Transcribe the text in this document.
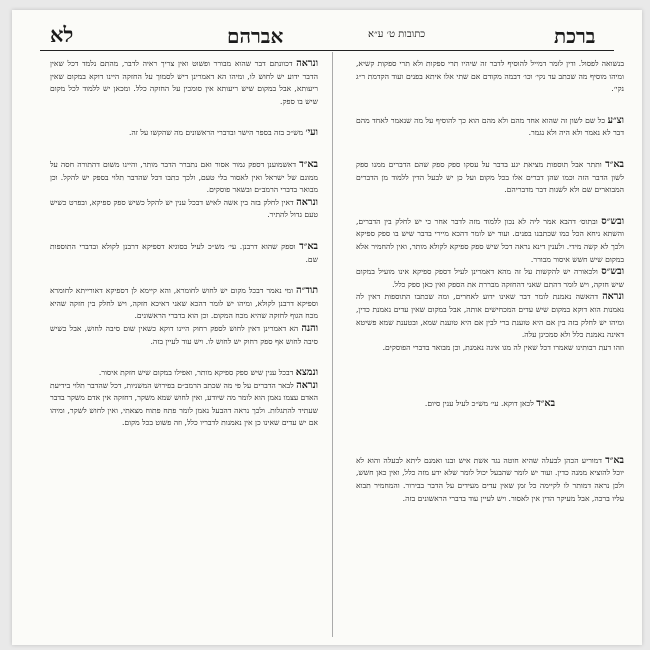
ברכת
כתובות ט׳ ע״א
אברהם
לא

בנשואה לפסול. ודין לומר דמייל להוסיף לדבר זה שיהיו תרי ספקות ולא תרי ספקות קשיא, ומיהו מוסיף מה שכתב עד נקי׳ וכו׳ דבמה מקודם אם שתי אלו איתא בפנים ועוד הקדמת ר״ג נקי׳.

וצ״ע כל שם לשון זה שהוא אחד מהם ולא מהם הוא כך להוסיף על מה שנאמר לאחד מהם דבר לא נאמר ולא היה ולא נגמר.

בא״ד ותתר אבל תוספות מציאת יגע בדבר על עסקו ספק ספק שהם הדברים ממנו ספק לשון הדבר הזה וכמו שהן דברים אלו בכל מקום ועל כן יש לבעל הדין ללמוד מן הדברים המבוארים שם ולא לשנות דבר מדבריהם.

ובש״ס ובתוס׳ דהבא אמר ליה לא נכון ללמוד מזה לדבר אחר כי יש לחלק בין הדברים, והשתא ניחא הכל כמו שכתבנו בפנים. ועוד יש לומר דהכא מיירי בדבר שיש בו ספק ספיקא ולכך לא קשה מידי. ולענין דינא נראה דכל שיש ספק ספיקא לקולא מותר, ואין להחמיר אלא במקום שיש חשש איסור מבורר.

ובש״ס ולכאורה יש להקשות על זה מהא דאמרינן לעיל דספק ספיקא אינו מועיל במקום שיש חזקה, ויש לומר דהתם שאני דהחזקה מבררת את הספק ואין כאן ספק כלל.

ונראה דהאשה נאמנת לומר דבר שאינו ידוע לאחרים, ומה שכתבו התוספות דאין לה נאמנות הוא דוקא במקום שיש עדים המכחישים אותה, אבל במקום שאין עדים נאמנת כדין, ומיהו יש לחלק בזה בין אם היא טוענת ברי לבין אם היא טוענת שמא, ובטענת שמא פשיטא דאינה נאמנת כלל ולא סמכינן עלה.

וזהו דעת רבותינו שאמרו דכל שאין לה מגו אינה נאמנת, וכן מבואר בדברי הפוסקים.

בא״ד לכאן דוקא. עי׳ מש״כ לעיל ענין סיום.

בא״ד דמוריע הכהן לבעלה שהיא חוטה נגד אשת איש ובנו ואמנם ליתא לבעלה והוא לא יוכל להוציא ממנה כדין. ועוד יש לומר שהבעל יכול לומר שלא ידע מזה כלל, ואין כאן חשש, ולכן נראה דמותר לו לקיימה כל זמן שאין עדים מעידים על הדבר בבירור. והמחמיר תבוא עליו ברכה, אבל מעיקר הדין אין לאסור. ויש לעיין עוד בדברי הראשונים בזה.

ונראה דכוונתם דבר שהוא מבורר ופשוט ואין צריך ראיה לדבר, מהתם נלמד דכל שאין הדבר ידוע יש לחוש לו, ומיהו הא דאמרינן דיש לסמוך על החזקה היינו דוקא במקום שאין ריעותא, אבל במקום שיש ריעותא אין סומכין על החזקה כלל. ומכאן יש ללמוד לכל מקום שיש בו ספק.

ועי׳ מש״כ בזה בספר הישר ובדברי הראשונים מה שהקשו על זה.

בא״ד דאשמוענן דספק גמור אסור ואם נתברר הדבר מותר, והיינו משום דהתורה חסה על ממונם של ישראל ואין לאסור בלי טעם, ולכך כתבו דכל שהדבר תלוי בספק יש להקל. וכן מבואר בדברי הרמב״ם ובשאר פוסקים.

ונראה דאין לחלק בזה בין אשה לאיש דבכל ענין יש להקל כשיש ספק ספיקא, ובפרט כשיש טעם גדול להתיר.

בא״ד וספק שהוא דרבנן. עי׳ מש״כ לעיל בסוגיא דספיקא דרבנן לקולא ובדברי התוספות שם.

תוד״ה ומי נאמר דבכל מקום יש לחוש לחומרא, והא קיימא לן דספיקא דאורייתא לחומרא וספיקא דרבנן לקולא, ומיהו יש לומר דהכא שאני דאיכא חזקה, ויש לחלק בין חזקה שהיא מכח הגוף לחזקה שהיא מכח המקום. וכן הוא בדברי הראשונים.

והנה הא דאמרינן דאין לחוש לספק רחוק היינו דוקא כשאין שום סיבה לחוש, אבל כשיש סיבה לחוש אף ספק רחוק יש לחוש לו. ויש עוד לעיין בזה.

ונמצא דבכל ענין שיש ספק ספיקא מותר, ואפילו במקום שיש חזקת איסור.

ונראה לבאר הדברים על פי מה שכתב הרמב״ם בפירוש המשניות, דכל שהדבר תלוי בידיעת האדם עצמו נאמן הוא לומר מה שיודע, ואין לחוש שמא משקר, דחזקה אין אדם משקר בדבר שעתיד להתגלות. ולכך נראה דהבעל נאמן לומר פתח פתוח מצאתי, ואין לחוש לשקר, ומיהו אם יש עדים שאינו כן אין נאמנות לדבריו כלל, וזה פשוט בכל מקום.
